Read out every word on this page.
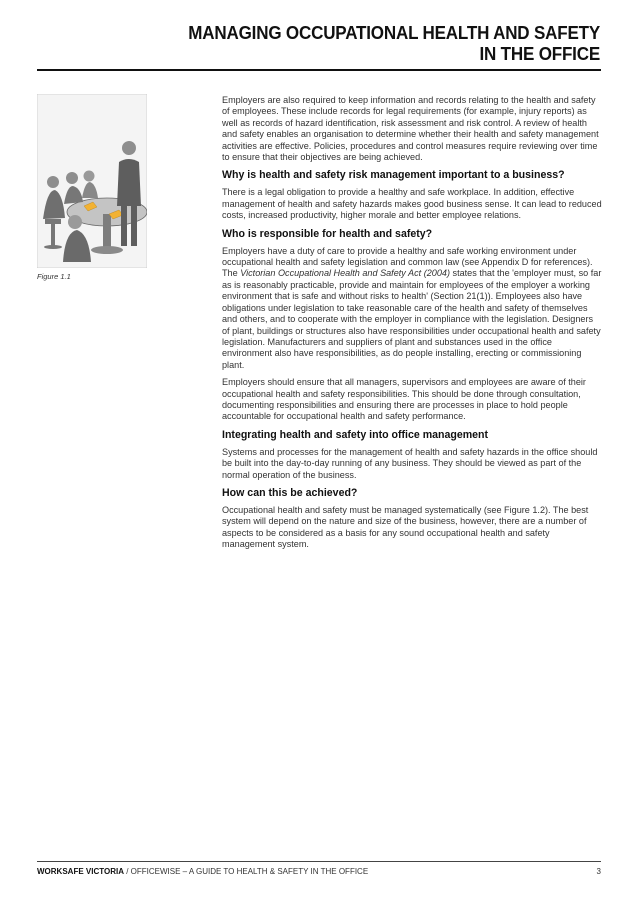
MANAGING OCCUPATIONAL HEALTH AND SAFETY
IN THE OFFICE
Figure 1.1

Employers are also required to keep information and records relating to the health and safety of employees. These include records for legal requirements (for example, injury reports) as well as records of hazard identification, risk assessment and risk control. A review of health and safety enables an organisation to determine whether their health and safety management activities are effective. Policies, procedures and control measures require reviewing over time to ensure that their objectives are being achieved.

Why is health and safety risk management important to a business?

There is a legal obligation to provide a healthy and safe workplace. In addition, effective management of health and safety hazards makes good business sense. It can lead to reduced costs, increased productivity, higher morale and better employee relations.

Who is responsible for health and safety?

Employers have a duty of care to provide a healthy and safe working environment under occupational health and safety legislation and common law (see Appendix D for references). The Victorian Occupational Health and Safety Act (2004) states that the 'employer must, so far as is reasonably practicable, provide and maintain for employees of the employer a working environment that is safe and without risks to health' (Section 21(1)). Employees also have obligations under legislation to take reasonable care of the health and safety of themselves and others, and to cooperate with the employer in compliance with the legislation. Designers of plant, buildings or structures also have responsibilities under occupational health and safety legislation. Manufacturers and suppliers of plant and substances used in the office environment also have responsibilities, as do people installing, erecting or commissioning plant.

Employers should ensure that all managers, supervisors and employees are aware of their occupational health and safety responsibilities. This should be done through consultation, documenting responsibilities and ensuring there are processes in place to hold people accountable for occupational health and safety performance.

Integrating health and safety into office management

Systems and processes for the management of health and safety hazards in the office should be built into the day-to-day running of any business. They should be viewed as part of the normal operation of the business.

How can this be achieved?

Occupational health and safety must be managed systematically (see Figure 1.2). The best system will depend on the nature and size of the business, however, there are a number of aspects to be considered as a basis for any sound occupational health and safety management system.

WORKSAFE VICTORIA / OFFICEWISE – A GUIDE TO HEALTH & SAFETY IN THE OFFICE	3
